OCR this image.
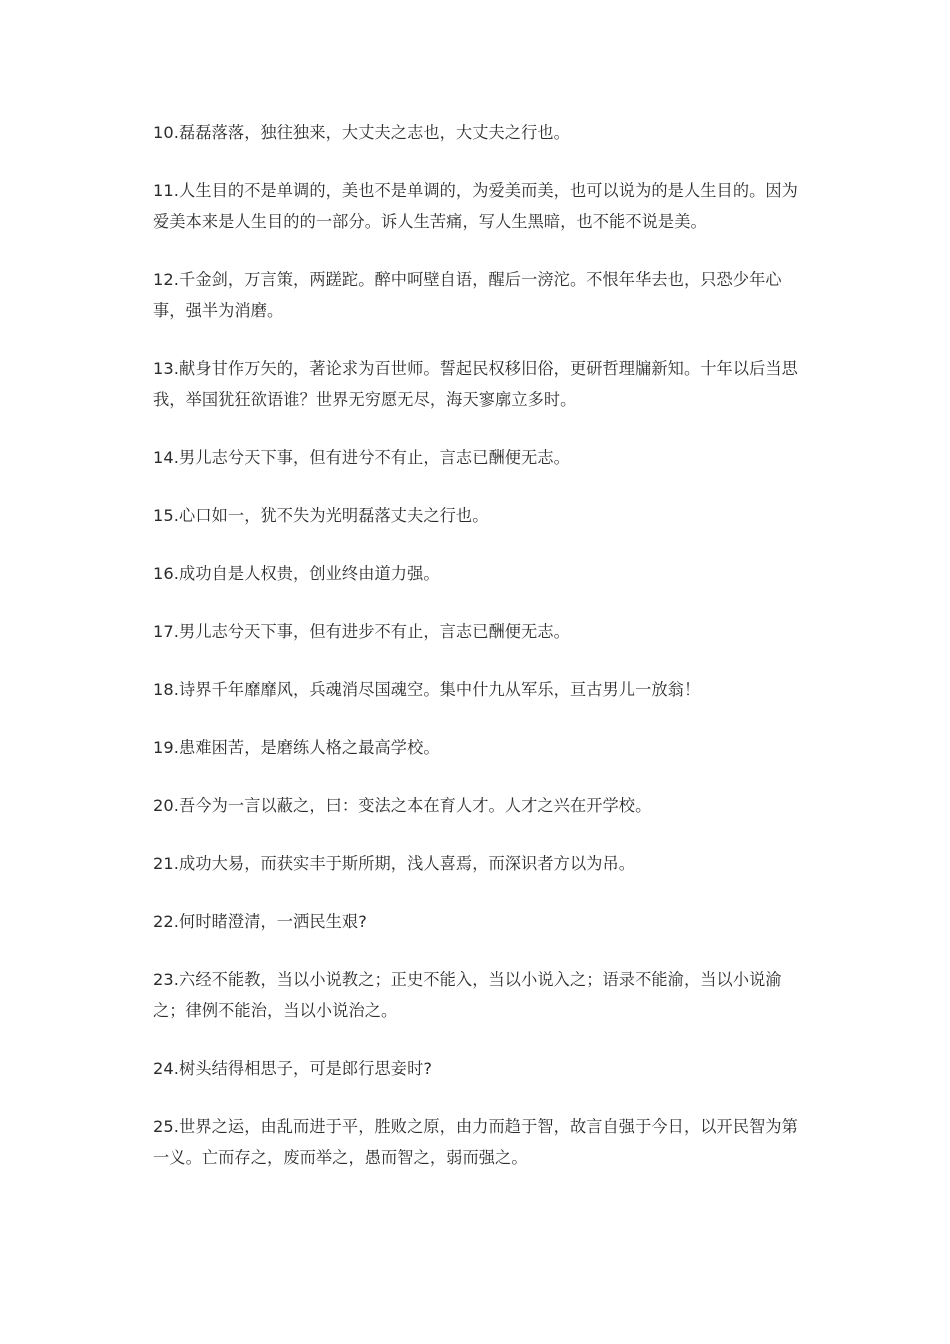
10.磊磊落落，独往独来，大丈夫之志也，大丈夫之行也。

11.人生目的不是单调的，美也不是单调的，为爱美而美，也可以说为的是人生目的。因为爱美本来是人生目的的一部分。诉人生苦痛，写人生黑暗，也不能不说是美。

12.千金剑，万言策，两蹉跎。醉中呵壁自语，醒后一滂沱。不恨年华去也，只恐少年心事，强半为消磨。

13.献身甘作万矢的，著论求为百世师。誓起民权移旧俗，更研哲理牖新知。十年以后当思我，举国犹狂欲语谁？世界无穷愿无尽，海天寥廓立多时。

14.男儿志兮天下事，但有进兮不有止，言志已酬便无志。

15.心口如一，犹不失为光明磊落丈夫之行也。

16.成功自是人权贵，创业终由道力强。

17.男儿志兮天下事，但有进步不有止，言志已酬便无志。

18.诗界千年靡靡风，兵魂消尽国魂空。集中什九从军乐，亘古男儿一放翁！

19.患难困苦，是磨练人格之最高学校。

20.吾今为一言以蔽之，曰：变法之本在育人才。人才之兴在开学校。

21.成功大易，而获实丰于斯所期，浅人喜焉，而深识者方以为吊。

22.何时睹澄清，一洒民生艰?

23.六经不能教，当以小说教之；正史不能入，当以小说入之；语录不能渝，当以小说渝之；律例不能治，当以小说治之。

24.树头结得相思子，可是郎行思妾时?

25.世界之运，由乱而进于平，胜败之原，由力而趋于智，故言自强于今日，以开民智为第一义。亡而存之，废而举之，愚而智之，弱而强之。
